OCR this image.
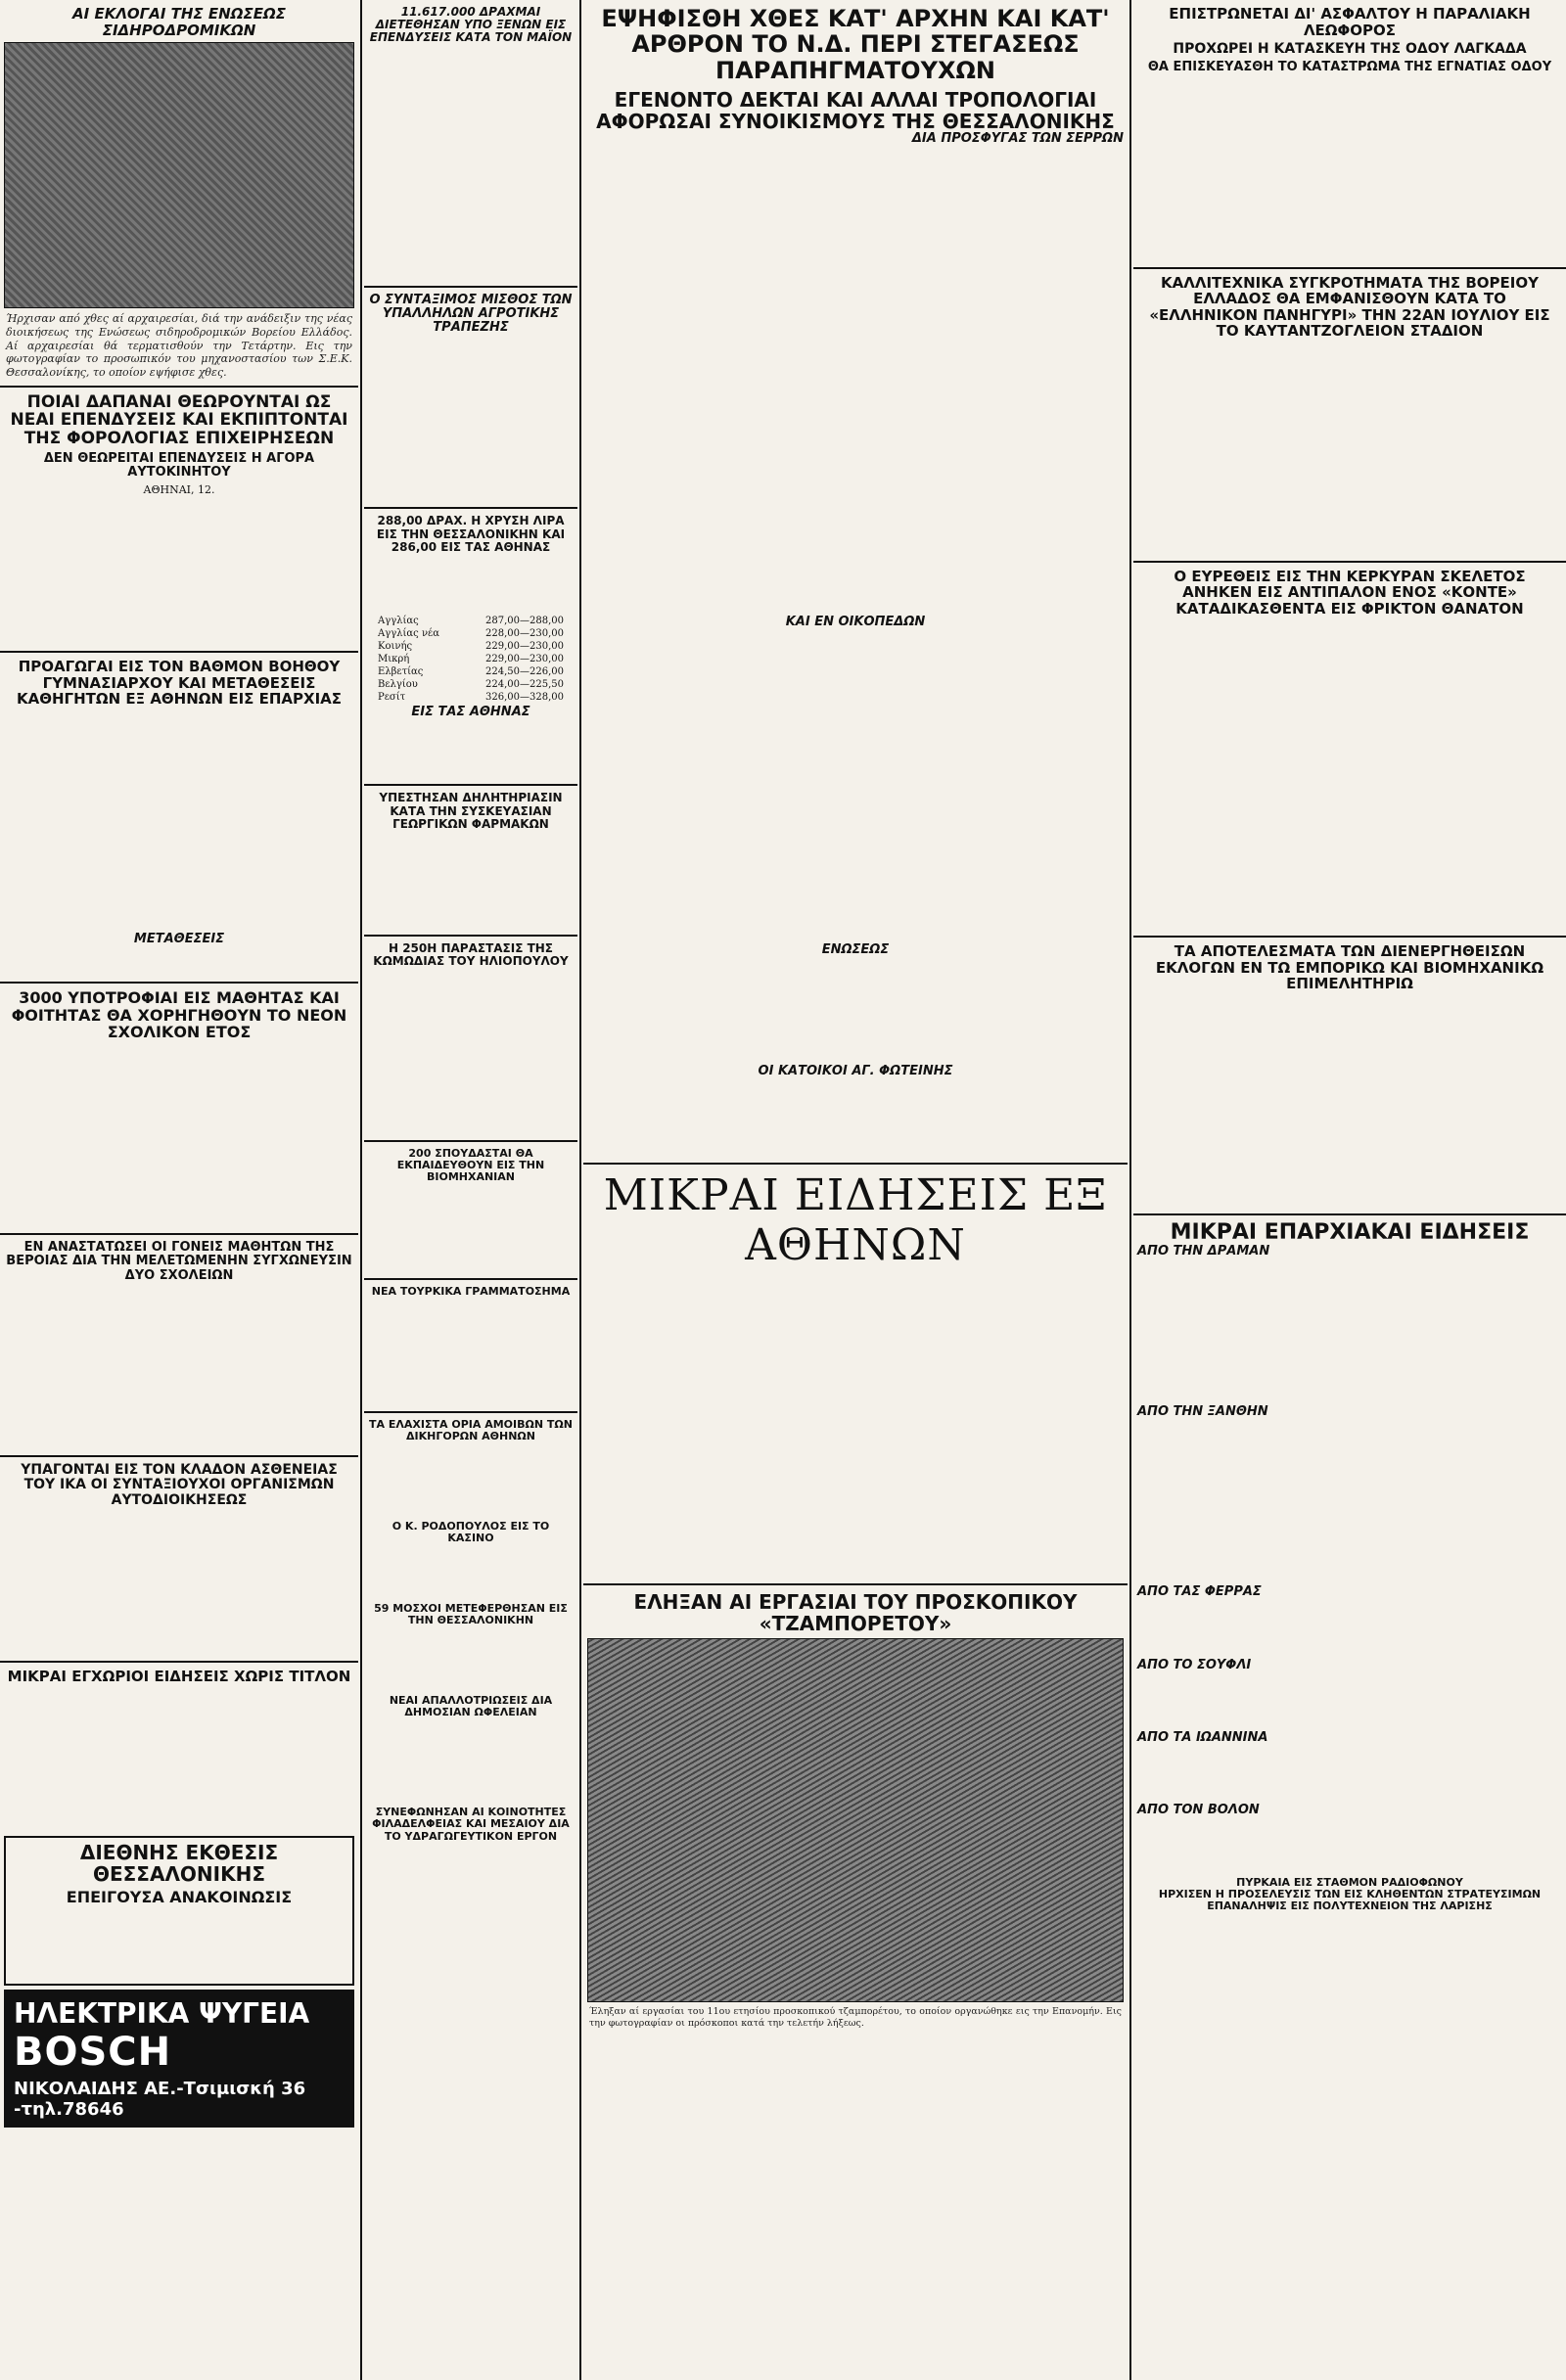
ΑΙ ΕΚΛΟΓΑΙ ΤΗΣ ΕΝΩΣΕΩΣ ΣΙΔΗΡΟΔΡΟΜΙΚΩΝ
Ήρχισαν από χθες αί αρχαιρεσίαι, διά την ανάδειξιν της νέας διοικήσεως της Ενώσεως σιδηροδρομικών Βορείου Ελλάδος. Αί αρχαιρεσίαι θά τερματισθούν την Τετάρτην. Εις την φωτογραφίαν το προσωπικόν του μηχανοστασίου των Σ.Ε.Κ. Θεσσαλονίκης, το οποίον εψήφισε χθες.
ΠΟΙΑΙ ΔΑΠΑΝΑΙ ΘΕΩΡΟΥΝΤΑΙ ΩΣ ΝΕΑΙ ΕΠΕΝΔΥΣΕΙΣ ΚΑΙ ΕΚΠΙΠΤΟΝΤΑΙ ΤΗΣ ΦΟΡΟΛΟΓΙΑΣ ΕΠΙΧΕΙΡΗΣΕΩΝ
ΔΕΝ ΘΕΩΡΕΙΤΑΙ ΕΠΕΝΔΥΣΕΙΣ Η ΑΓΟΡΑ ΑΥΤΟΚΙΝΗΤΟΥ
ΑΘΗΝΑΙ, 12.
ΠΡΟΑΓΩΓΑΙ ΕΙΣ ΤΟΝ ΒΑΘΜΟΝ ΒΟΗΘΟΥ ΓΥΜΝΑΣΙΑΡΧΟΥ ΚΑΙ ΜΕΤΑΘΕΣΕΙΣ ΚΑΘΗΓΗΤΩΝ ΕΞ ΑΘΗΝΩΝ ΕΙΣ ΕΠΑΡΧΙΑΣ
ΜΕΤΑΘΕΣΕΙΣ
3000 ΥΠΟΤΡΟΦΙΑΙ ΕΙΣ ΜΑΘΗΤΑΣ ΚΑΙ ΦΟΙΤΗΤΑΣ ΘΑ ΧΟΡΗΓΗΘΟΥΝ ΤΟ ΝΕΟΝ ΣΧΟΛΙΚΟΝ ΕΤΟΣ
ΕΝ ΑΝΑΣΤΑΤΩΣΕΙ ΟΙ ΓΟΝΕΙΣ ΜΑΘΗΤΩΝ ΤΗΣ ΒΕΡΟΙΑΣ ΔΙΑ ΤΗΝ ΜΕΛΕΤΩΜΕΝΗΝ ΣΥΓΧΩΝΕΥΣΙΝ ΔΥΟ ΣΧΟΛΕΙΩΝ
ΥΠΑΓΟΝΤΑΙ ΕΙΣ ΤΟΝ ΚΛΑΔΟΝ ΑΣΘΕΝΕΙΑΣ ΤΟΥ ΙΚΑ ΟΙ ΣΥΝΤΑΞΙΟΥΧΟΙ ΟΡΓΑΝΙΣΜΩΝ ΑΥΤΟΔΙΟΙΚΗΣΕΩΣ
ΜΙΚΡΑΙ ΕΓΧΩΡΙΟΙ ΕΙΔΗΣΕΙΣ ΧΩΡΙΣ ΤΙΤΛΟΝ
ΔΙΕΘΝΗΣ ΕΚΘΕΣΙΣ ΘΕΣΣΑΛΟΝΙΚΗΣ
ΕΠΕΙΓΟΥΣΑ ΑΝΑΚΟΙΝΩΣΙΣ
ΗΛΕΚΤΡΙΚΑ ΨΥΓΕΙΑ BOSCH
ΝΙΚΟΛΑΙΔΗΣ ΑΕ.-Τσιμισκή 36 -τηλ.78646
11.617.000 ΔΡΑΧΜΑΙ ΔΙΕΤΕΘΗΣΑΝ ΥΠΟ ΞΕΝΩΝ ΕΙΣ ΕΠΕΝΔΥΣΕΙΣ ΚΑΤΑ ΤΟΝ ΜΑΪΟΝ
Ο ΣΥΝΤΑΞΙΜΟΣ ΜΙΣΘΟΣ ΤΩΝ ΥΠΑΛΛΗΛΩΝ ΑΓΡΟΤΙΚΗΣ ΤΡΑΠΕΖΗΣ
288,00 ΔΡΑΧ. Η ΧΡΥΣΗ ΛΙΡΑ ΕΙΣ ΤΗΝ ΘΕΣΣΑΛΟΝΙΚΗΝ ΚΑΙ 286,00 ΕΙΣ ΤΑΣ ΑΘΗΝΑΣ
Αγγλίας	287,00—288,00
Αγγλίας νέα	228,00—230,00
Κοινής	229,00—230,00
Μικρή	229,00—230,00
Ελβετίας	224,50—226,00
Βελγίου	224,00—225,50
Ρεσίτ	326,00—328,00
ΕΙΣ ΤΑΣ ΑΘΗΝΑΣ
ΥΠΕΣΤΗΣΑΝ ΔΗΛΗΤΗΡΙΑΣΙΝ ΚΑΤΑ ΤΗΝ ΣΥΣΚΕΥΑΣΙΑΝ ΓΕΩΡΓΙΚΩΝ ΦΑΡΜΑΚΩΝ
Η 250Η ΠΑΡΑΣΤΑΣΙΣ ΤΗΣ ΚΩΜΩΔΙΑΣ ΤΟΥ ΗΛΙΟΠΟΥΛΟΥ
200 ΣΠΟΥΔΑΣΤΑΙ ΘΑ ΕΚΠΑΙΔΕΥΘΟΥΝ ΕΙΣ ΤΗΝ ΒΙΟΜΗΧΑΝΙΑΝ
ΝΕΑ ΤΟΥΡΚΙΚΑ ΓΡΑΜΜΑΤΟΣΗΜΑ
ΤΑ ΕΛΑΧΙΣΤΑ ΟΡΙΑ ΑΜΟΙΒΩΝ ΤΩΝ ΔΙΚΗΓΟΡΩΝ ΑΘΗΝΩΝ
Ο Κ. ΡΟΔΟΠΟΥΛΟΣ ΕΙΣ ΤΟ ΚΑΣΙΝΟ
59 ΜΟΣΧΟΙ ΜΕΤΕΦΕΡΘΗΣΑΝ ΕΙΣ ΤΗΝ ΘΕΣΣΑΛΟΝΙΚΗΝ
ΝΕΑΙ ΑΠΑΛΛΟΤΡΙΩΣΕΙΣ ΔΙΑ ΔΗΜΟΣΙΑΝ ΩΦΕΛΕΙΑΝ
ΣΥΝΕΦΩΝΗΣΑΝ ΑΙ ΚΟΙΝΟΤΗΤΕΣ ΦΙΛΑΔΕΛΦΕΙΑΣ ΚΑΙ ΜΕΣΑΙΟΥ ΔΙΑ ΤΟ ΥΔΡΑΓΩΓΕΥΤΙΚΟΝ ΕΡΓΟΝ
ΕΨΗΦΙΣΘΗ ΧΘΕΣ ΚΑΤ' ΑΡΧΗΝ ΚΑΙ ΚΑΤ' ΑΡΘΡΟΝ ΤΟ Ν.Δ. ΠΕΡΙ ΣΤΕΓΑΣΕΩΣ ΠΑΡΑΠΗΓΜΑΤΟΥΧΩΝ
ΕΓΕΝΟΝΤΟ ΔΕΚΤΑΙ ΚΑΙ ΑΛΛΑΙ ΤΡΟΠΟΛΟΓΙΑΙ ΑΦΟΡΩΣΑΙ ΣΥΝΟΙΚΙΣΜΟΥΣ ΤΗΣ ΘΕΣΣΑΛΟΝΙΚΗΣ
ΔΙΑ ΠΡΟΣΦΥΓΑΣ ΤΩΝ ΣΕΡΡΩΝ
ΚΑΙ ΕΝ ΟΙΚΟΠΕΔΩΝ
ΕΝΩΣΕΩΣ
ΟΙ ΚΑΤΟΙΚΟΙ ΑΓ. ΦΩΤΕΙΝΗΣ
ΜΙΚΡΑΙ ΕΙΔΗΣΕΙΣ ΕΞ ΑΘΗΝΩΝ
ΕΛΗΞΑΝ ΑΙ ΕΡΓΑΣΙΑΙ ΤΟΥ ΠΡΟΣΚΟΠΙΚΟΥ «ΤΖΑΜΠΟΡΕΤΟΥ»
Έληξαν αί εργασίαι του 11ου ετησίου προσκοπικού τζαμπορέτου, το οποίον οργανώθηκε εις την Επανομήν. Εις την φωτογραφίαν οι πρόσκοποι κατά την τελετήν λήξεως.
ΕΠΙΣΤΡΩΝΕΤΑΙ ΔΙ' ΑΣΦΑΛΤΟΥ Η ΠΑΡΑΛΙΑΚΗ ΛΕΩΦΟΡΟΣ
ΠΡΟΧΩΡΕΙ Η ΚΑΤΑΣΚΕΥΗ ΤΗΣ ΟΔΟΥ ΛΑΓΚΑΔΑ
ΘΑ ΕΠΙΣΚΕΥΑΣΘΗ ΤΟ ΚΑΤΑΣΤΡΩΜΑ ΤΗΣ ΕΓΝΑΤΙΑΣ ΟΔΟΥ
ΚΑΛΛΙΤΕΧΝΙΚΑ ΣΥΓΚΡΟΤΗΜΑΤΑ ΤΗΣ ΒΟΡΕΙΟΥ ΕΛΛΑΔΟΣ ΘΑ ΕΜΦΑΝΙΣΘΟΥΝ ΚΑΤΑ ΤΟ «ΕΛΛΗΝΙΚΟΝ ΠΑΝΗΓΥΡΙ» ΤΗΝ 22ΑΝ ΙΟΥΛΙΟΥ ΕΙΣ ΤΟ ΚΑΥΤΑΝΤΖΟΓΛΕΙΟΝ ΣΤΑΔΙΟΝ
Ο ΕΥΡΕΘΕΙΣ ΕΙΣ ΤΗΝ ΚΕΡΚΥΡΑΝ ΣΚΕΛΕΤΟΣ ΑΝΗΚΕΝ ΕΙΣ ΑΝΤΙΠΑΛΟΝ ΕΝΟΣ «ΚΟΝΤΕ» ΚΑΤΑΔΙΚΑΣΘΕΝΤΑ ΕΙΣ ΦΡΙΚΤΟΝ ΘΑΝΑΤΟΝ
ΤΑ ΑΠΟΤΕΛΕΣΜΑΤΑ ΤΩΝ ΔΙΕΝΕΡΓΗΘΕΙΣΩΝ ΕΚΛΟΓΩΝ ΕΝ ΤΩ ΕΜΠΟΡΙΚΩ ΚΑΙ ΒΙΟΜΗΧΑΝΙΚΩ ΕΠΙΜΕΛΗΤΗΡΙΩ
ΜΙΚΡΑΙ ΕΠΑΡΧΙΑΚΑΙ ΕΙΔΗΣΕΙΣ
ΑΠΟ ΤΗΝ ΔΡΑΜΑΝ
ΑΠΟ ΤΗΝ ΞΑΝΘΗΝ
ΑΠΟ ΤΑΣ ΦΕΡΡΑΣ
ΑΠΟ ΤΟ ΣΟΥΦΛΙ
ΑΠΟ ΤΑ ΙΩΑΝΝΙΝΑ
ΑΠΟ ΤΟΝ ΒΟΛΟΝ
ΠΥΡΚΑΙΑ ΕΙΣ ΣΤΑΘΜΟΝ ΡΑΔΙΟΦΩΝΟΥ
ΗΡΧΙΣΕΝ Η ΠΡΟΣΕΛΕΥΣΙΣ ΤΩΝ ΕΙΣ ΚΛΗΘΕΝΤΩΝ ΣΤΡΑΤΕΥΣΙΜΩΝ
ΕΠΑΝΑΛΗΨΙΣ ΕΙΣ ΠΟΛΥΤΕΧΝΕΙΟΝ ΤΗΣ ΛΑΡΙΣΗΣ
